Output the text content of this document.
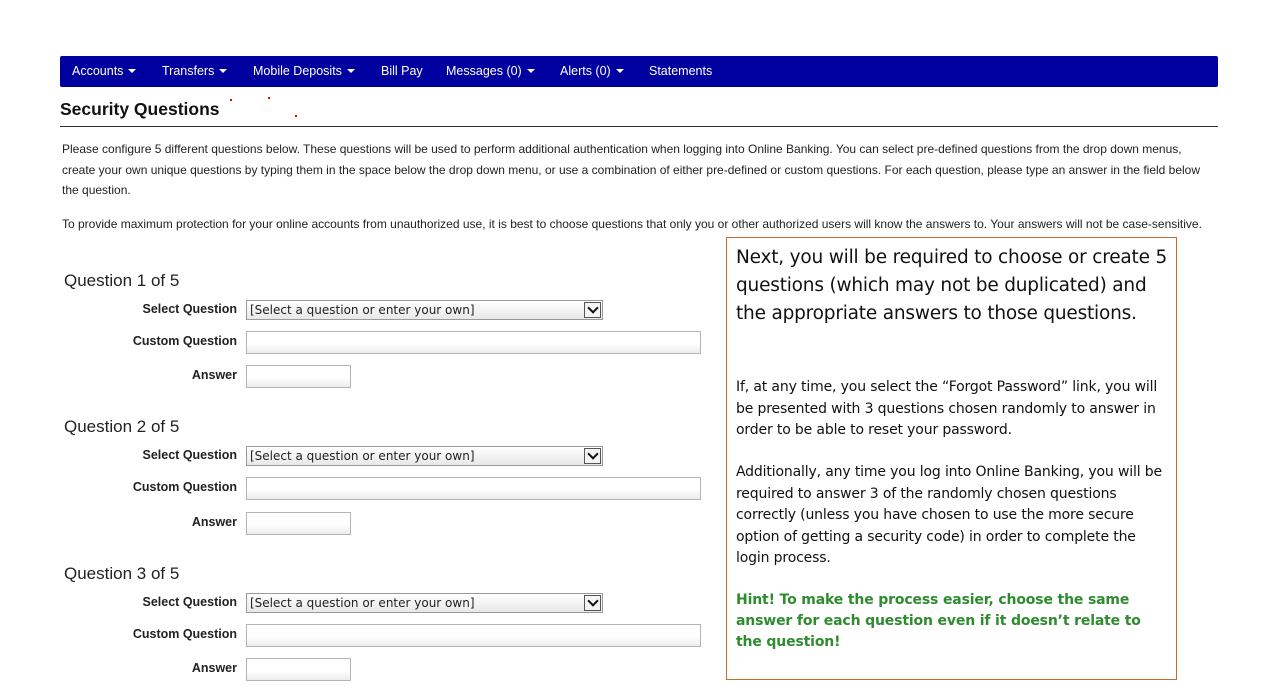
Accounts	Transfers	Mobile Deposits	Bill Pay Messages (0)	Alerts (0)	Statements
Security Questions

Please configure 5 different questions below. These questions will be used to perform additional authentication when logging into Online Banking. You can select pre-defined questions from the drop down menus, create your own unique questions by typing them in the space below the drop down menu, or use a combination of either pre-defined or custom questions. For each question, please type an answer in the field below the question.

To provide maximum protection for your online accounts from unauthorized use, it is best to choose questions that only you or other authorized users will know the answers to. Your answers will not be case-sensitive.

Question 1 of 5
Select Question	[Select a question or enter your own]
Custom Question
Answer
Question 2 of 5
Select Question	[Select a question or enter your own]
Custom Question
Answer
Question 3 of 5
Select Question	[Select a question or enter your own]
Custom Question
Answer

Next, you will be required to choose or create 5 questions (which may not be duplicated) and the appropriate answers to those questions.

If, at any time, you select the “Forgot Password” link, you will be presented with 3 questions chosen randomly to answer in order to be able to reset your password.

Additionally, any time you log into Online Banking, you will be required to answer 3 of the randomly chosen questions correctly (unless you have chosen to use the more secure option of getting a security code) in order to complete the login process.

Hint! To make the process easier, choose the same answer for each question even if it doesn’t relate to the question!
